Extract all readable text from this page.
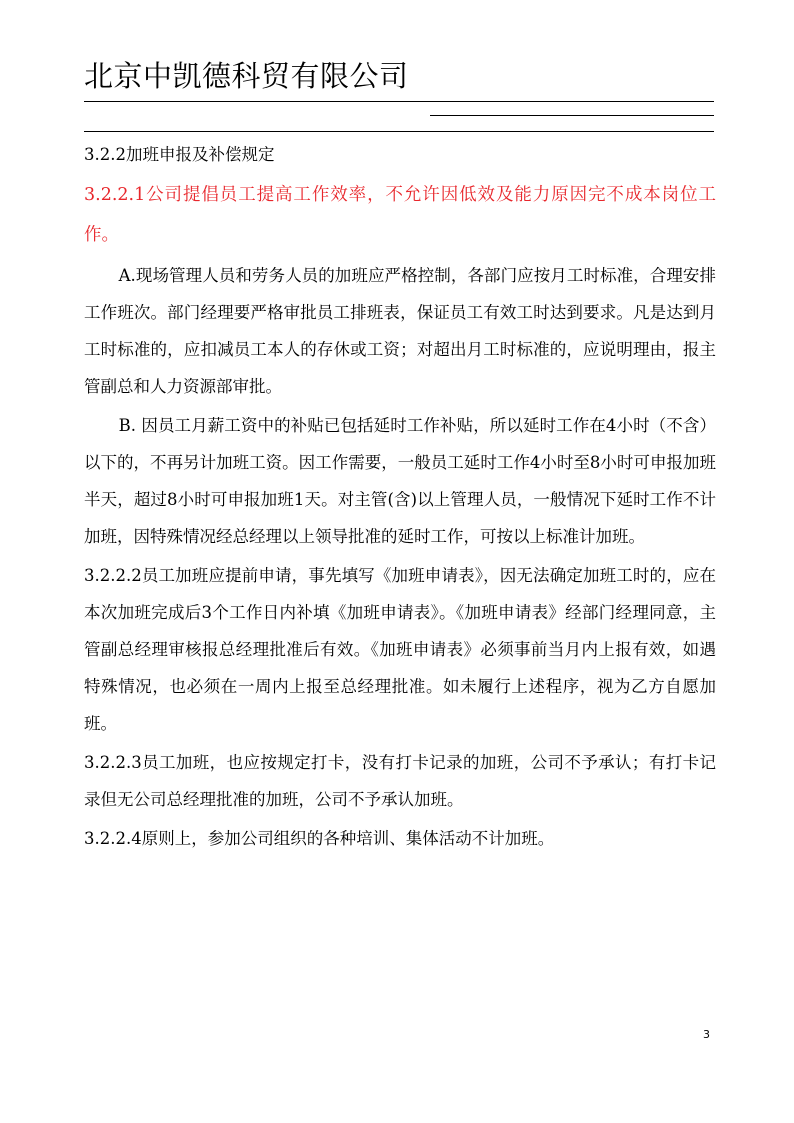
北京中凯德科贸有限公司

3.2.2加班申报及补偿规定

3.2.2.1公司提倡员工提高工作效率，不允许因低效及能力原因完不成本岗位工作。

A.现场管理人员和劳务人员的加班应严格控制，各部门应按月工时标准，合理安排工作班次。部门经理要严格审批员工排班表，保证员工有效工时达到要求。凡是达到月工时标准的，应扣减员工本人的存休或工资；对超出月工时标准的，应说明理由，报主管副总和人力资源部审批。

B. 因员工月薪工资中的补贴已包括延时工作补贴，所以延时工作在4小时（不含）以下的，不再另计加班工资。因工作需要，一般员工延时工作4小时至8小时可申报加班半天，超过8小时可申报加班1天。对主管(含)以上管理人员，一般情况下延时工作不计加班，因特殊情况经总经理以上领导批准的延时工作，可按以上标准计加班。

3.2.2.2员工加班应提前申请，事先填写《加班申请表》，因无法确定加班工时的，应在本次加班完成后3个工作日内补填《加班申请表》。《加班申请表》经部门经理同意，主管副总经理审核报总经理批准后有效。《加班申请表》必须事前当月内上报有效，如遇特殊情况，也必须在一周内上报至总经理批准。如未履行上述程序，视为乙方自愿加班。

3.2.2.3员工加班，也应按规定打卡，没有打卡记录的加班，公司不予承认；有打卡记录但无公司总经理批准的加班，公司不予承认加班。

3.2.2.4原则上，参加公司组织的各种培训、集体活动不计加班。

3
